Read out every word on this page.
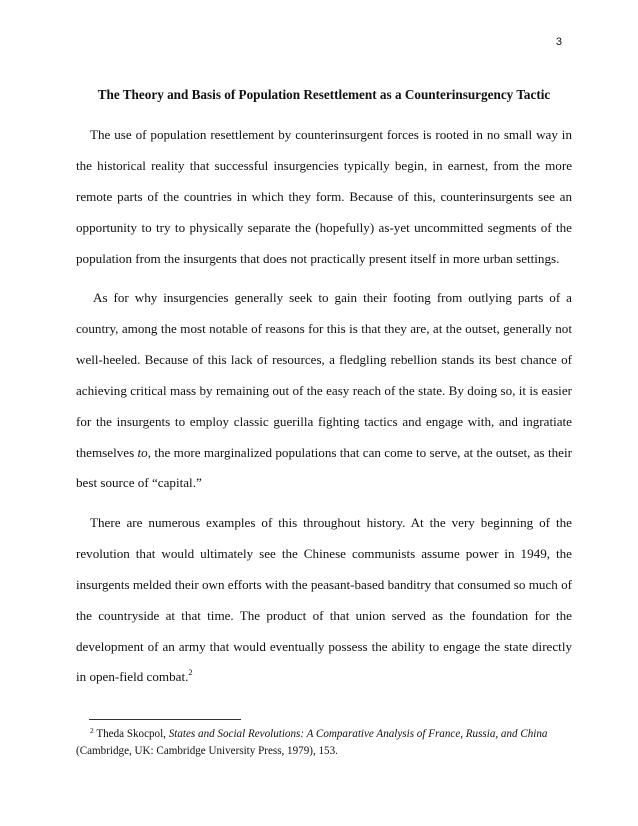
3
The Theory and Basis of Population Resettlement as a Counterinsurgency Tactic

The use of population resettlement by counterinsurgent forces is rooted in no small way in the historical reality that successful insurgencies typically begin, in earnest, from the more remote parts of the countries in which they form. Because of this, counterinsurgents see an opportunity to try to physically separate the (hopefully) as-yet uncommitted segments of the population from the insurgents that does not practically present itself in more urban settings.

As for why insurgencies generally seek to gain their footing from outlying parts of a country, among the most notable of reasons for this is that they are, at the outset, generally not well-heeled. Because of this lack of resources, a fledgling rebellion stands its best chance of achieving critical mass by remaining out of the easy reach of the state. By doing so, it is easier for the insurgents to employ classic guerilla fighting tactics and engage with, and ingratiate themselves to, the more marginalized populations that can come to serve, at the outset, as their best source of “capital.”

There are numerous examples of this throughout history. At the very beginning of the revolution that would ultimately see the Chinese communists assume power in 1949, the insurgents melded their own efforts with the peasant-based banditry that consumed so much of the countryside at that time. The product of that union served as the foundation for the development of an army that would eventually possess the ability to engage the state directly in open-field combat.$^2$

$^2$ Theda Skocpol, States and Social Revolutions: A Comparative Analysis of France, Russia, and China (Cambridge, UK: Cambridge University Press, 1979), 153.
